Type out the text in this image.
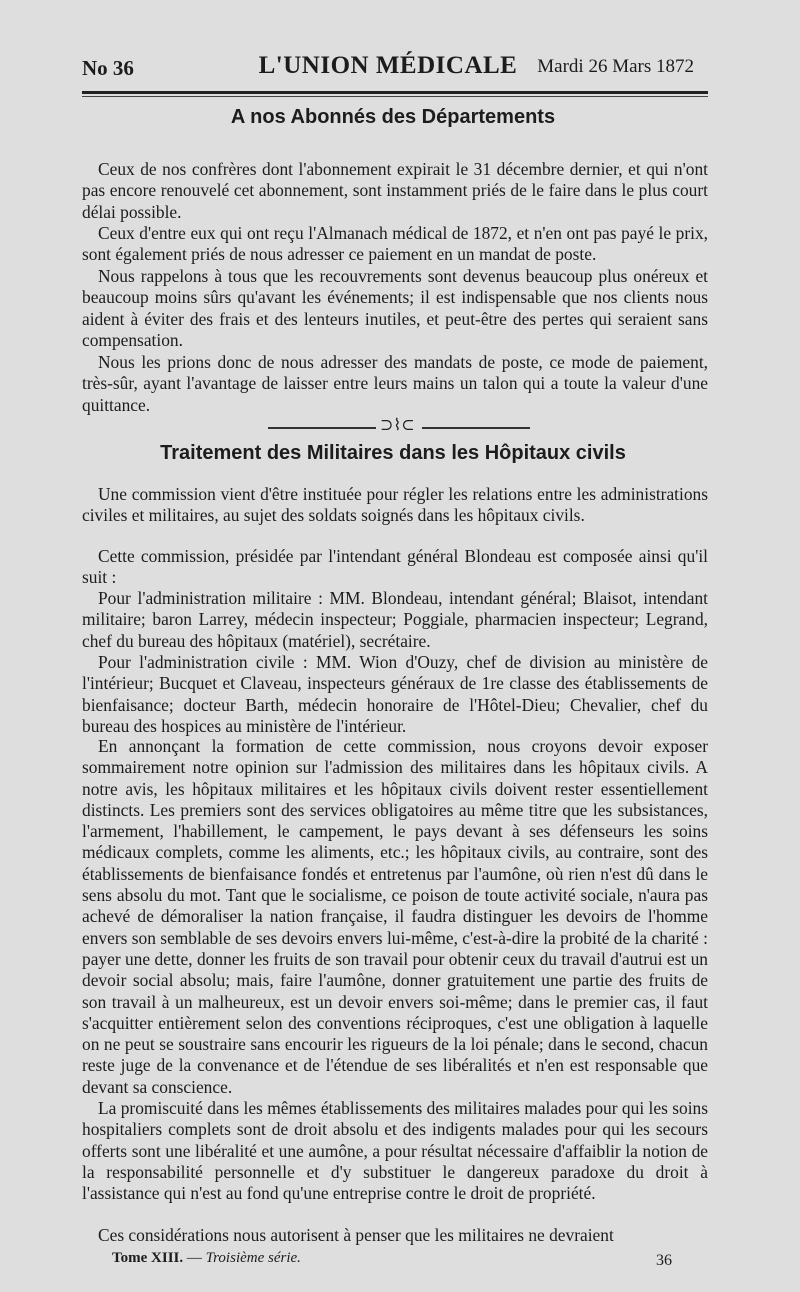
No 36	L'UNION MÉDICALE	Mardi 26 Mars 1872
A nos Abonnés des Départements

Ceux de nos confrères dont l'abonnement expirait le 31 décembre dernier, et qui n'ont pas encore renouvelé cet abonnement, sont instamment priés de le faire dans le plus court délai possible.

Ceux d'entre eux qui ont reçu l'Almanach médical de 1872, et n'en ont pas payé le prix, sont également priés de nous adresser ce paiement en un mandat de poste.

Nous rappelons à tous que les recouvrements sont devenus beaucoup plus onéreux et beaucoup moins sûrs qu'avant les événements; il est indispensable que nos clients nous aident à éviter des frais et des lenteurs inutiles, et peut-être des pertes qui seraient sans compensation.

Nous les prions donc de nous adresser des mandats de poste, ce mode de paiement, très-sûr, ayant l'avantage de laisser entre leurs mains un talon qui a toute la valeur d'une quittance.

⊃⌇⊂
Traitement des Militaires dans les Hôpitaux civils

Une commission vient d'être instituée pour régler les relations entre les administrations civiles et militaires, au sujet des soldats soignés dans les hôpitaux civils.

Cette commission, présidée par l'intendant général Blondeau est composée ainsi qu'il suit :

Pour l'administration militaire : MM. Blondeau, intendant général; Blaisot, intendant militaire; baron Larrey, médecin inspecteur; Poggiale, pharmacien inspecteur; Legrand, chef du bureau des hôpitaux (matériel), secrétaire.

Pour l'administration civile : MM. Wion d'Ouzy, chef de division au ministère de l'intérieur; Bucquet et Claveau, inspecteurs généraux de 1re classe des établissements de bienfaisance; docteur Barth, médecin honoraire de l'Hôtel-Dieu; Chevalier, chef du bureau des hospices au ministère de l'intérieur.

En annonçant la formation de cette commission, nous croyons devoir exposer sommairement notre opinion sur l'admission des militaires dans les hôpitaux civils. A notre avis, les hôpitaux militaires et les hôpitaux civils doivent rester essentiellement distincts. Les premiers sont des services obligatoires au même titre que les subsistances, l'armement, l'habillement, le campement, le pays devant à ses défenseurs les soins médicaux complets, comme les aliments, etc.; les hôpitaux civils, au contraire, sont des établissements de bienfaisance fondés et entretenus par l'aumône, où rien n'est dû dans le sens absolu du mot. Tant que le socialisme, ce poison de toute activité sociale, n'aura pas achevé de démoraliser la nation française, il faudra distinguer les devoirs de l'homme envers son semblable de ses devoirs envers lui-même, c'est-à-dire la probité de la charité : payer une dette, donner les fruits de son travail pour obtenir ceux du travail d'autrui est un devoir social absolu; mais, faire l'aumône, donner gratuitement une partie des fruits de son travail à un malheureux, est un devoir envers soi-même; dans le premier cas, il faut s'acquitter entièrement selon des conventions réciproques, c'est une obligation à laquelle on ne peut se soustraire sans encourir les rigueurs de la loi pénale; dans le second, chacun reste juge de la convenance et de l'étendue de ses libéralités et n'en est responsable que devant sa conscience.

La promiscuité dans les mêmes établissements des militaires malades pour qui les soins hospitaliers complets sont de droit absolu et des indigents malades pour qui les secours offerts sont une libéralité et une aumône, a pour résultat nécessaire d'affaiblir la notion de la responsabilité personnelle et d'y substituer le dangereux paradoxe du droit à l'assistance qui n'est au fond qu'une entreprise contre le droit de propriété.

Ces considérations nous autorisent à penser que les militaires ne devraient

Tome XIII. — Troisième série.	36
